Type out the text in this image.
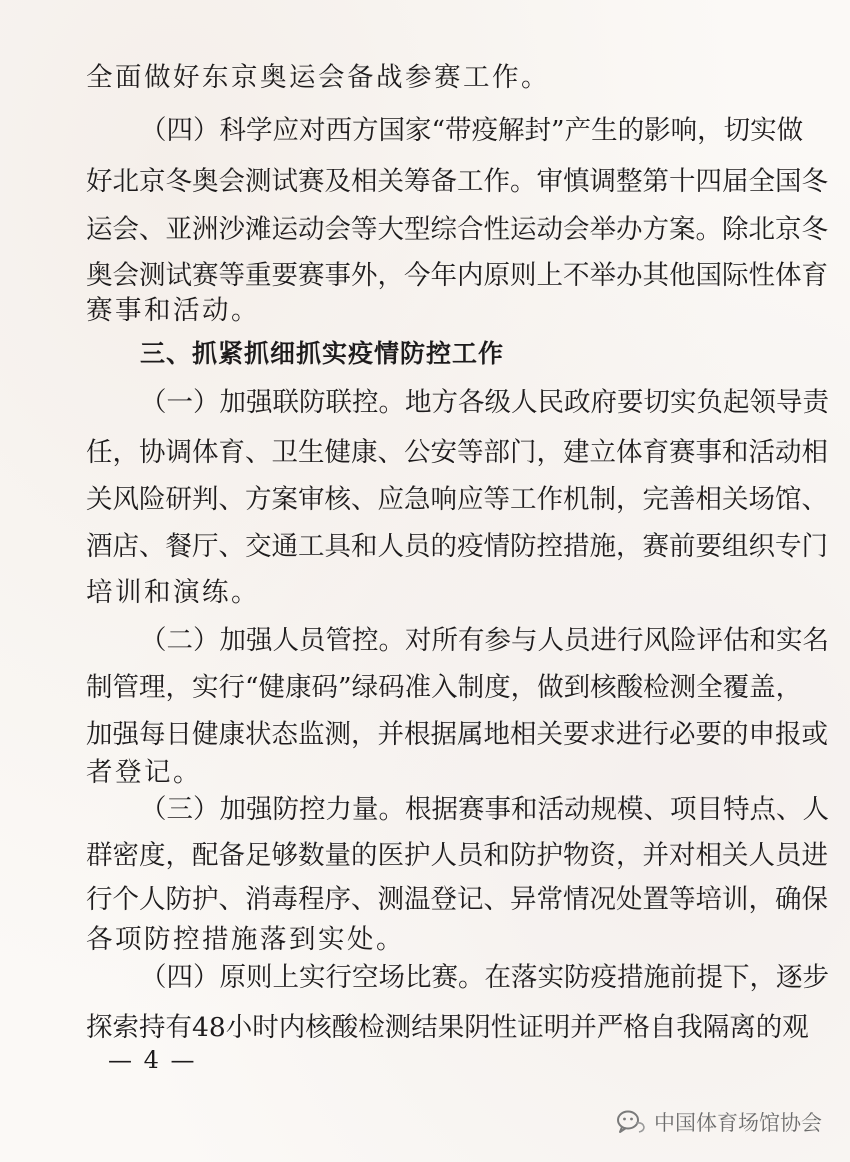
全面做好东京奥运会备战参赛工作。
（四）科学应对西方国家“带疫解封”产生的影响，切实做
好北京冬奥会测试赛及相关筹备工作。审慎调整第十四届全国冬
运会、亚洲沙滩运动会等大型综合性运动会举办方案。除北京冬
奥会测试赛等重要赛事外，今年内原则上不举办其他国际性体育
赛事和活动。
三、抓紧抓细抓实疫情防控工作
（一）加强联防联控。地方各级人民政府要切实负起领导责
任，协调体育、卫生健康、公安等部门，建立体育赛事和活动相
关风险研判、方案审核、应急响应等工作机制，完善相关场馆、
酒店、餐厅、交通工具和人员的疫情防控措施，赛前要组织专门
培训和演练。
（二）加强人员管控。对所有参与人员进行风险评估和实名
制管理，实行“健康码”绿码准入制度，做到核酸检测全覆盖，
加强每日健康状态监测，并根据属地相关要求进行必要的申报或
者登记。
（三）加强防控力量。根据赛事和活动规模、项目特点、人
群密度，配备足够数量的医护人员和防护物资，并对相关人员进
行个人防护、消毒程序、测温登记、异常情况处置等培训，确保
各项防控措施落到实处。
（四）原则上实行空场比赛。在落实防疫措施前提下，逐步
探索持有48小时内核酸检测结果阴性证明并严格自我隔离的观
— 4 —
中国体育场馆协会
